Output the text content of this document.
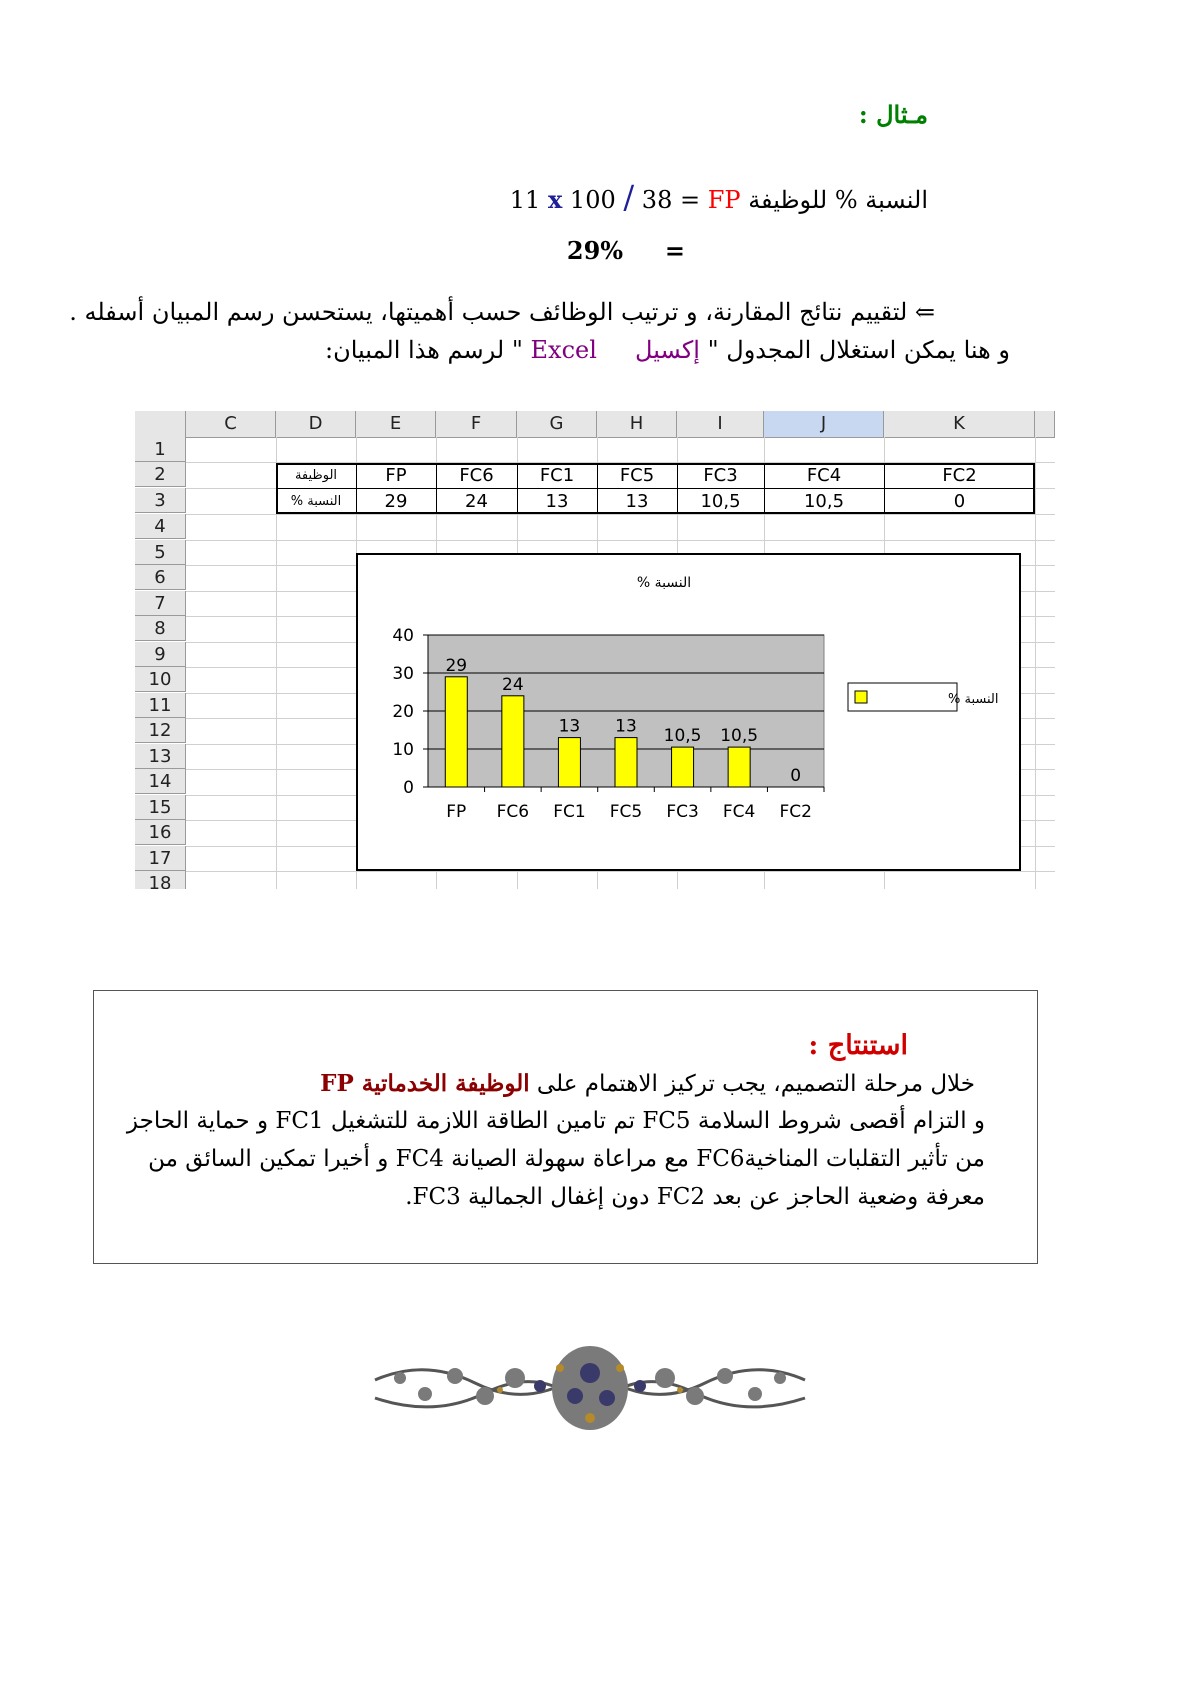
مـثال :
11 x 100 / 38 = FP النسبة % للوظيفة
29% =
⇐ لتقييم نتائج المقارنة، و ترتيب الوظائف حسب أهميتها، يستحسن رسم المبيان أسفله .
و هنا يمكن استغلال المجدول " إكسيل     Excel " لرسم هذا المبيان:
C	D	E	F	G	H	I	J	K
1
2
3
4
5
6
7
8
9
10
11
12
13
14
15
16
17
18
الوظيفة	FP	FC6	FC1	FC5	FC3	FC4	FC2
النسبة %	29	24	13	13	10,5	10,5	0
النسبة %
0
10
20
30
40
29
FP
24
FC6
13
FC1
13
FC5
10,5
FC3
10,5
FC4
0
FC2
النسبة %
استنتاج :
خلال مرحلة التصميم، يجب تركيز الاهتمام على الوظيفة الخدماتية FP
و التزام أقصى شروط السلامة FC5 تم تامين الطاقة اللازمة للتشغيل FC1 و حماية الحاجز
من تأثير التقلبات المناخيةFC6 مع مراعاة سهولة الصيانة FC4 و أخيرا تمكين السائق من
معرفة وضعية الحاجز عن بعد FC2 دون إغفال الجمالية FC3.
